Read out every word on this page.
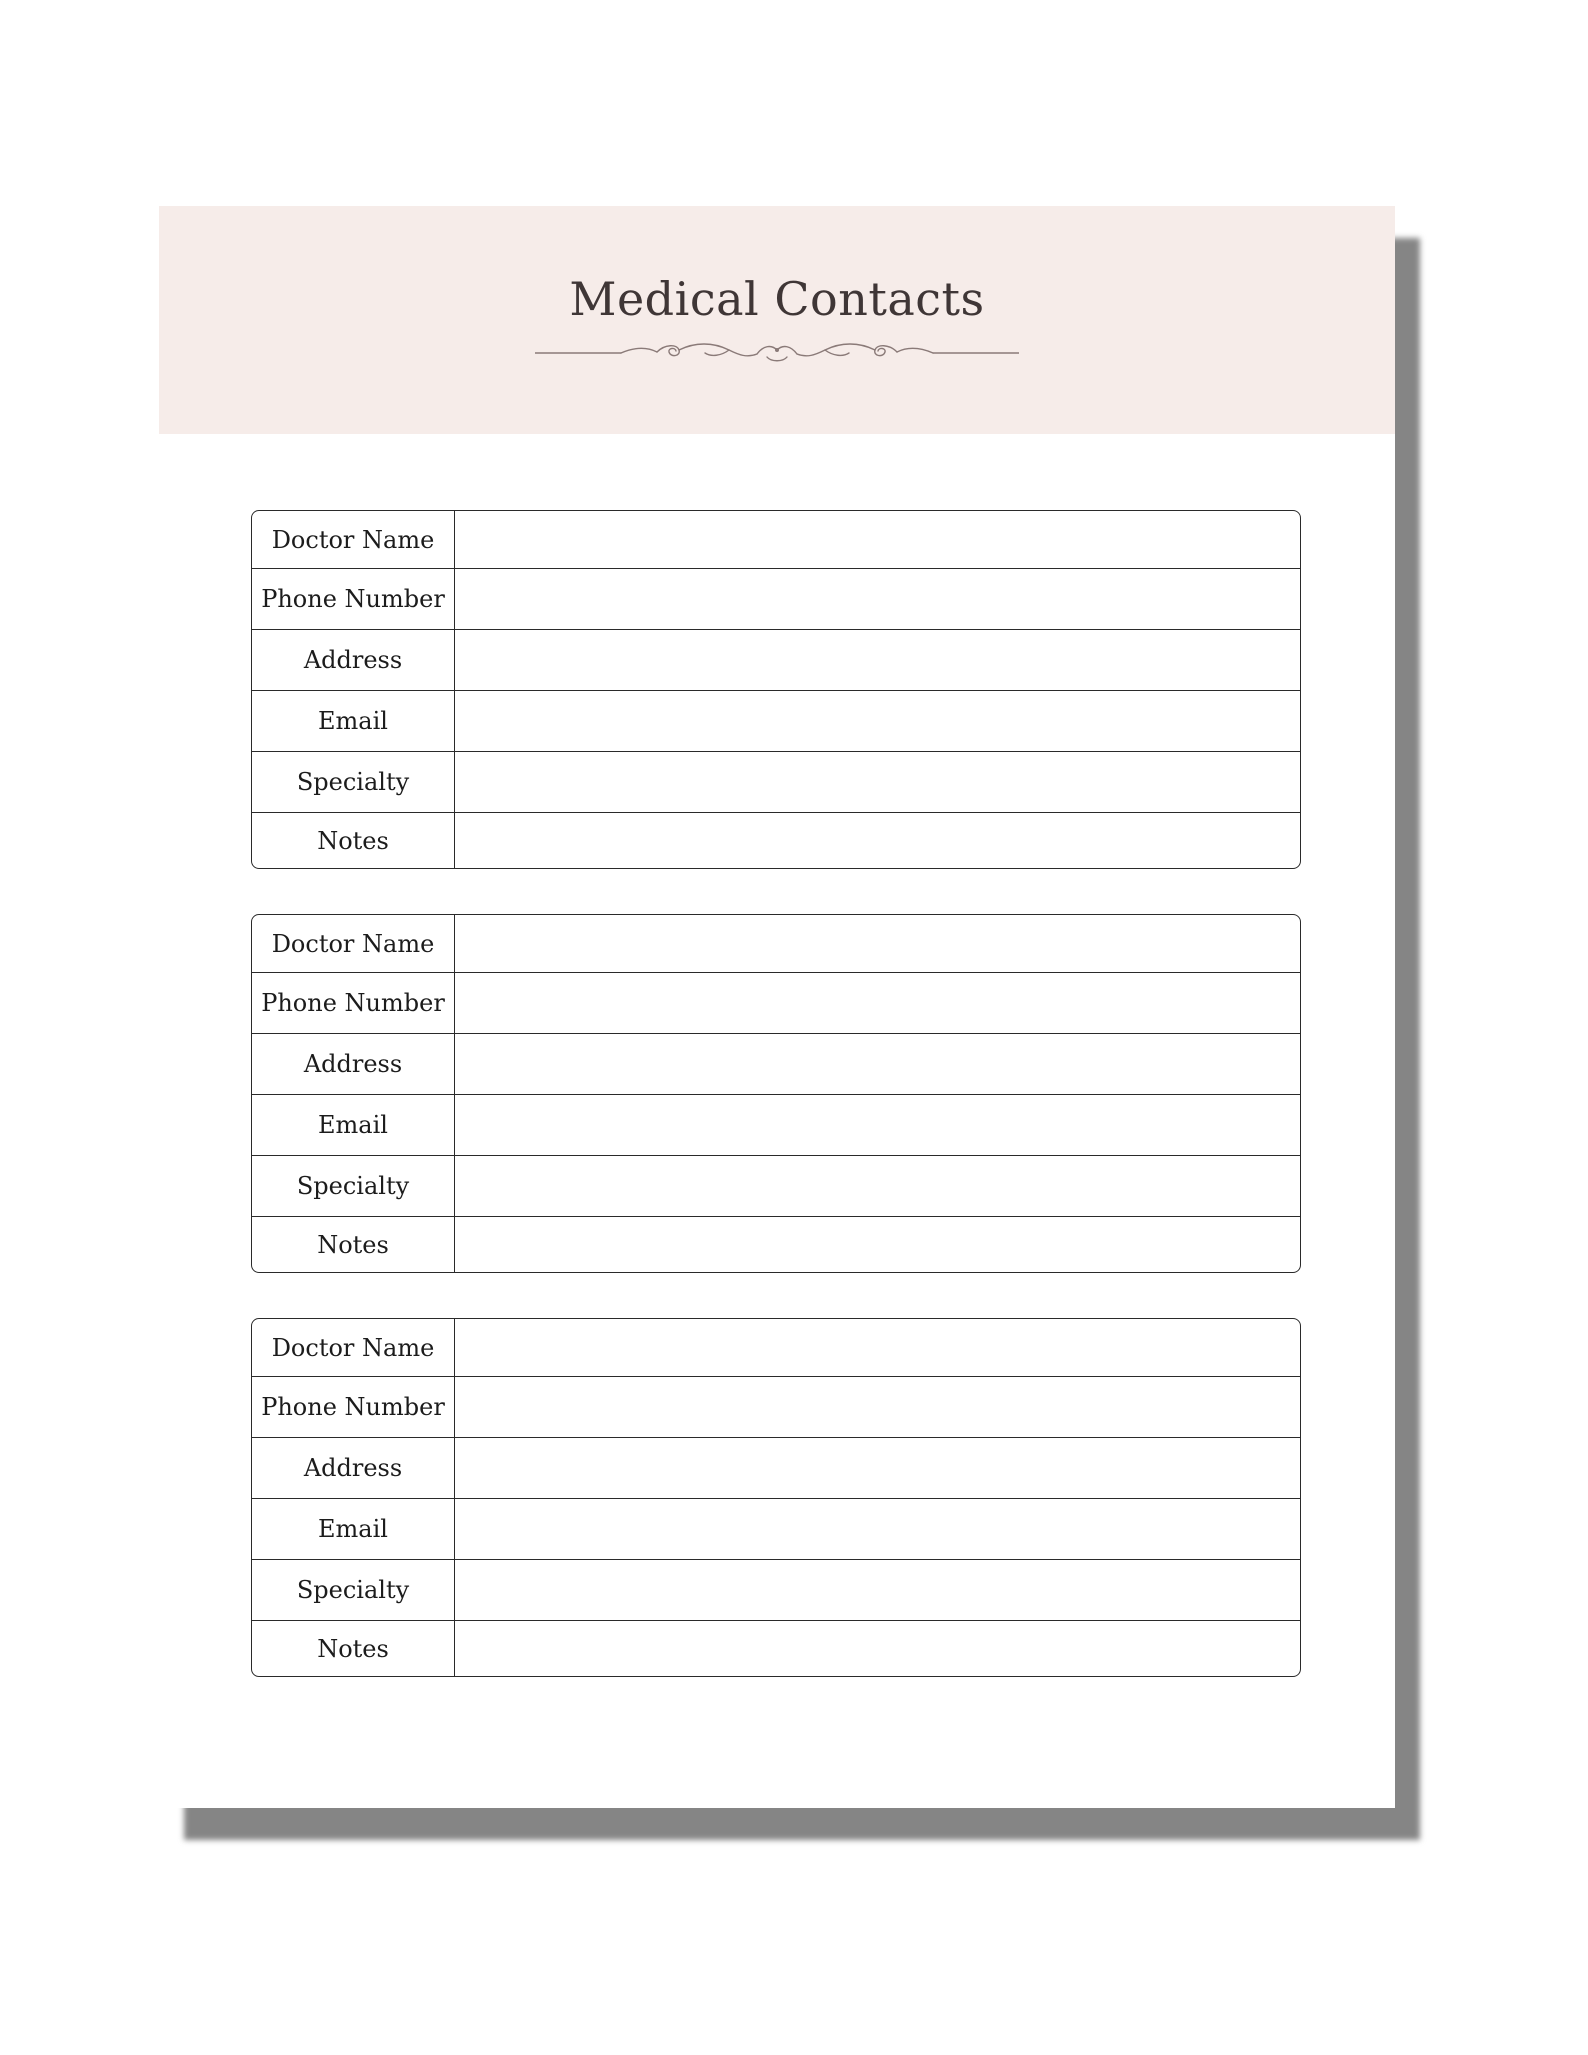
Medical Contacts
Doctor Name
Phone Number
Address
Email
Specialty
Notes
Doctor Name
Phone Number
Address
Email
Specialty
Notes
Doctor Name
Phone Number
Address
Email
Specialty
Notes
